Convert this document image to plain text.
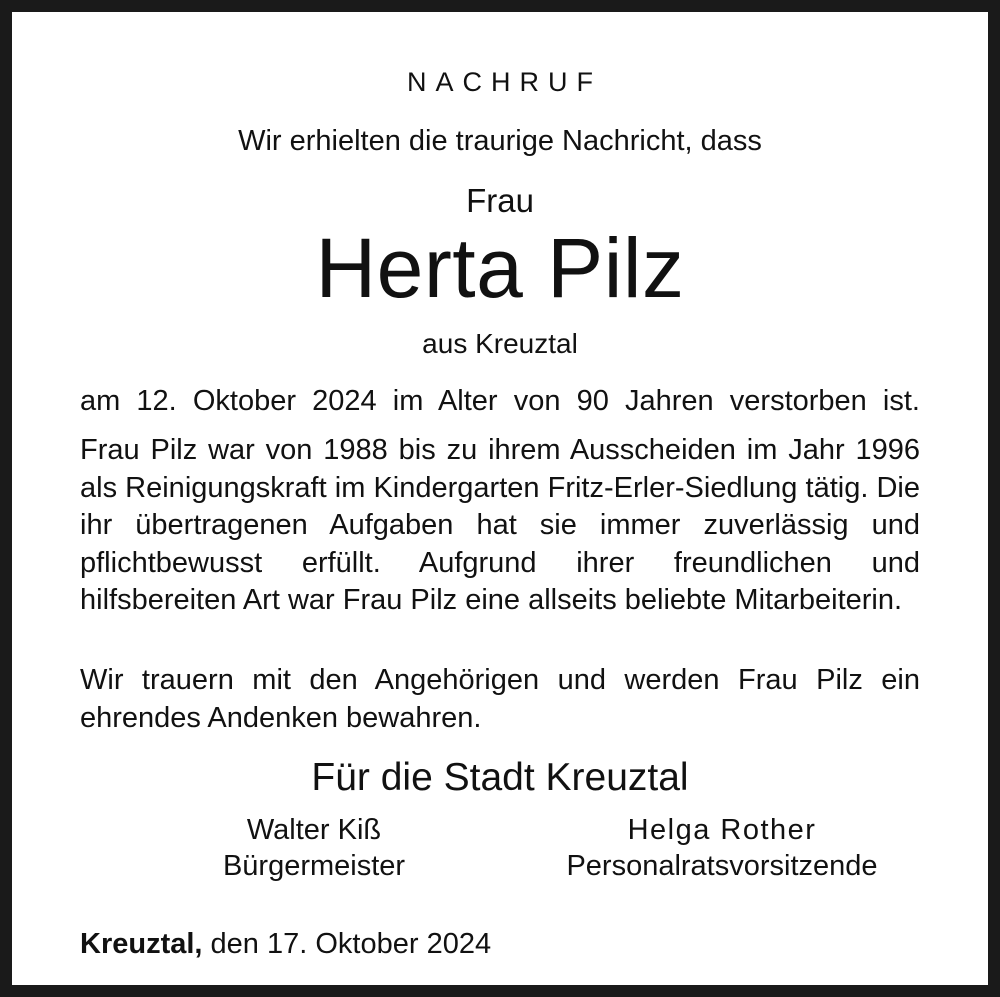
NACHRUF
Wir erhielten die traurige Nachricht, dass
Frau
Herta Pilz
aus Kreuztal
am 12. Oktober 2024 im Alter von 90 Jahren verstorben ist.
Frau Pilz war von 1988 bis zu ihrem Ausscheiden im Jahr 1996 als Reinigungskraft im Kindergarten Fritz-Erler-Siedlung tätig. Die ihr übertragenen Aufgaben hat sie immer zuverlässig und pflichtbewusst erfüllt. Aufgrund ihrer freundlichen und hilfsbereiten Art war Frau Pilz eine allseits beliebte Mitarbeiterin.
Wir trauern mit den Angehörigen und werden Frau Pilz ein ehrendes Andenken bewahren.
Für die Stadt Kreuztal
Walter Kiß
Bürgermeister
Helga Rother
Personalratsvorsitzende
Kreuztal, den 17. Oktober 2024
